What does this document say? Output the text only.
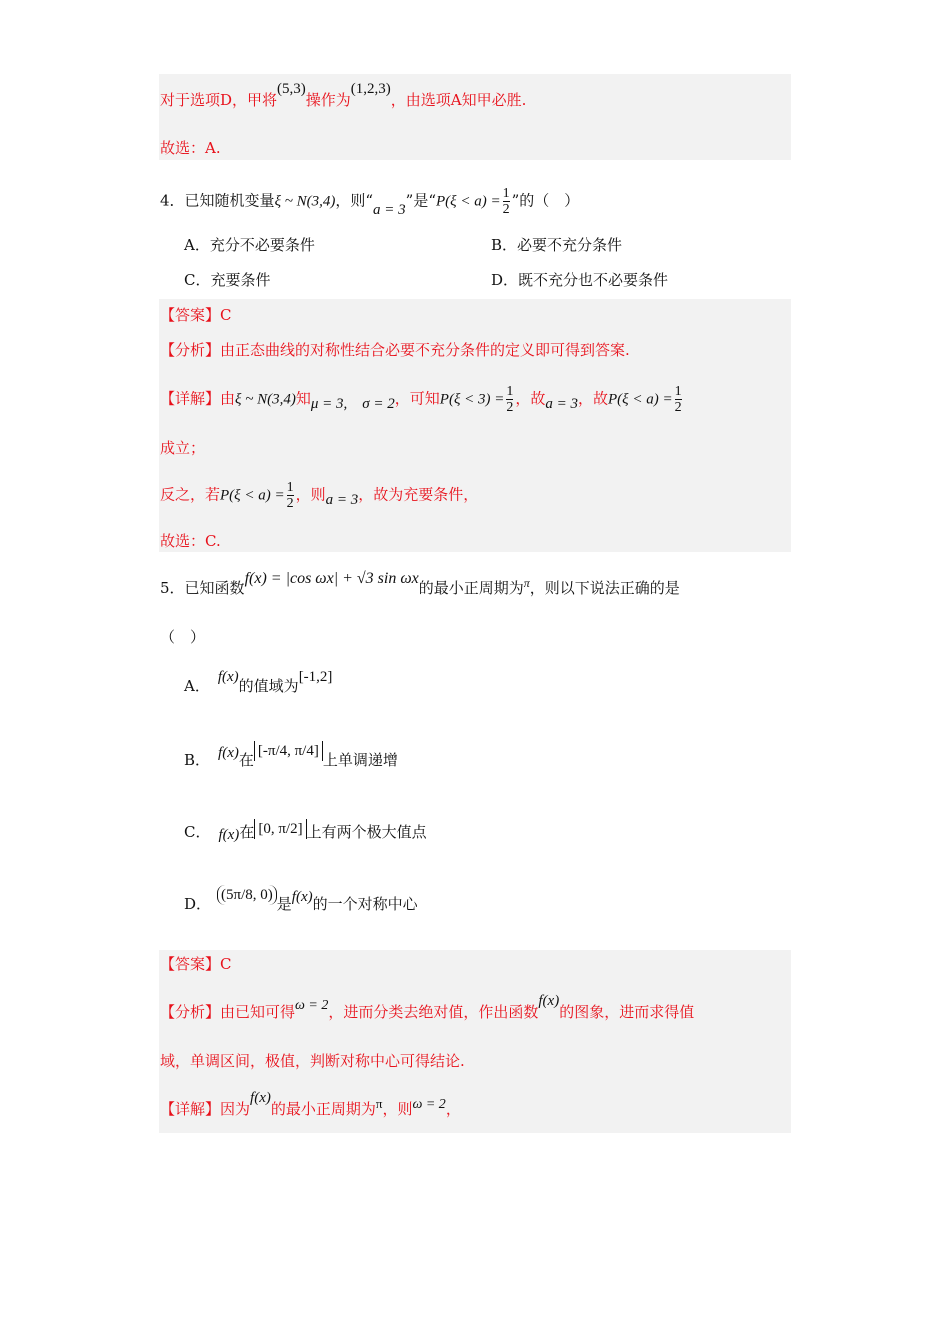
对于选项D，甲将(5,3)操作为(1,2,3)，由选项A知甲必胜.
故选：A.
4．已知随机变量ξ ~ N(3,4)，则“a = 3”是“$P(\xi < a) = \frac{1}{2}$ ”的（　）
A．充分不必要条件	B．必要不充分条件
C．充要条件	D．既不充分也不必要条件
【答案】C
【分析】由正态曲线的对称性结合必要不充分条件的定义即可得到答案.
【详解】由ξ ~ N(3,4)知μ = 3,　σ = 2，可知$P(\xi < 3) = \frac{1}{2}$ ，故a = 3，故$P(\xi < a) = \frac{1}{2}$
成立；
反之，若$P(\xi < a) = \frac{1}{2}$ ，则a = 3，故为充要条件，
故选：C.
5．已知函数f(x) = |cos ωx| + √3 sin ωx的最小正周期为$^\pi$，则以下说法正确的是
（　）
A． f(x)的值域为[-1,2]
B． f(x)在 [-π/4, π/4] 上单调递增
C． f(x)在 [0, π/2] 上有两个极大值点
D． (5π/8, 0) 是f(x)的一个对称中心
【答案】C
【分析】由已知可得ω = 2，进而分类去绝对值，作出函数f(x)的图象，进而求得值
域，单调区间，极值，判断对称中心可得结论.
【详解】因为f(x)的最小正周期为π，则ω = 2，
